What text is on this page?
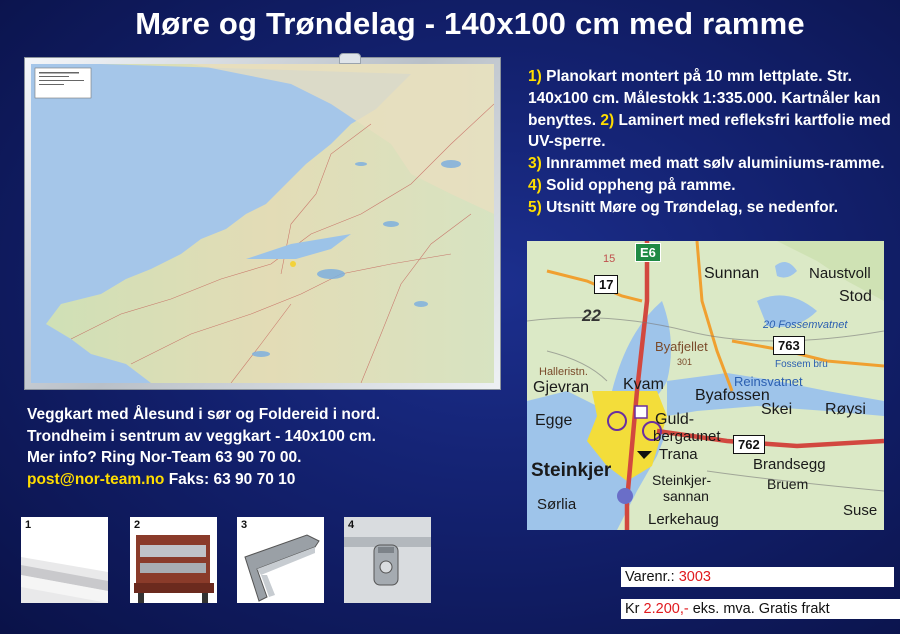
Møre og Trøndelag - 140x100 cm med ramme
1) Planokart montert på 10 mm lettplate. Str. 140x100 cm. Målestokk 1:335.000. Kartnåler kan benyttes. 2) Laminert med refleksfri kartfolie med UV-sperre.
3) Innrammet med matt sølv aluminiums-ramme. 4) Solid oppheng på ramme.
5) Utsnitt Møre og Trøndelag, se nedenfor.
E6
17
763
762
15
22
Sunnan	Naustvoll
Stod
20 Fossemvatnet
Byafjellet
301	Fossem bru
Halleristn.
Gjevran Kvam	Reinsvatnet
Byafossen
Røysi
Egge	Guld-
bergaunet
Skei
Steinkjer
Trana
Brandsegg
Steinkjer-
sannan
Bruem
Sørlia	Suse
Lerkehaug
Veggkart med Ålesund i sør og Foldereid i nord.
Trondheim i sentrum av veggkart - 140x100 cm.
Mer info? Ring Nor-Team 63 90 70 00.
post@nor-team.no Faks: 63 90 70 10
1	2	3	4
Varenr.: 3003
Kr 2.200,- eks. mva. Gratis frakt
